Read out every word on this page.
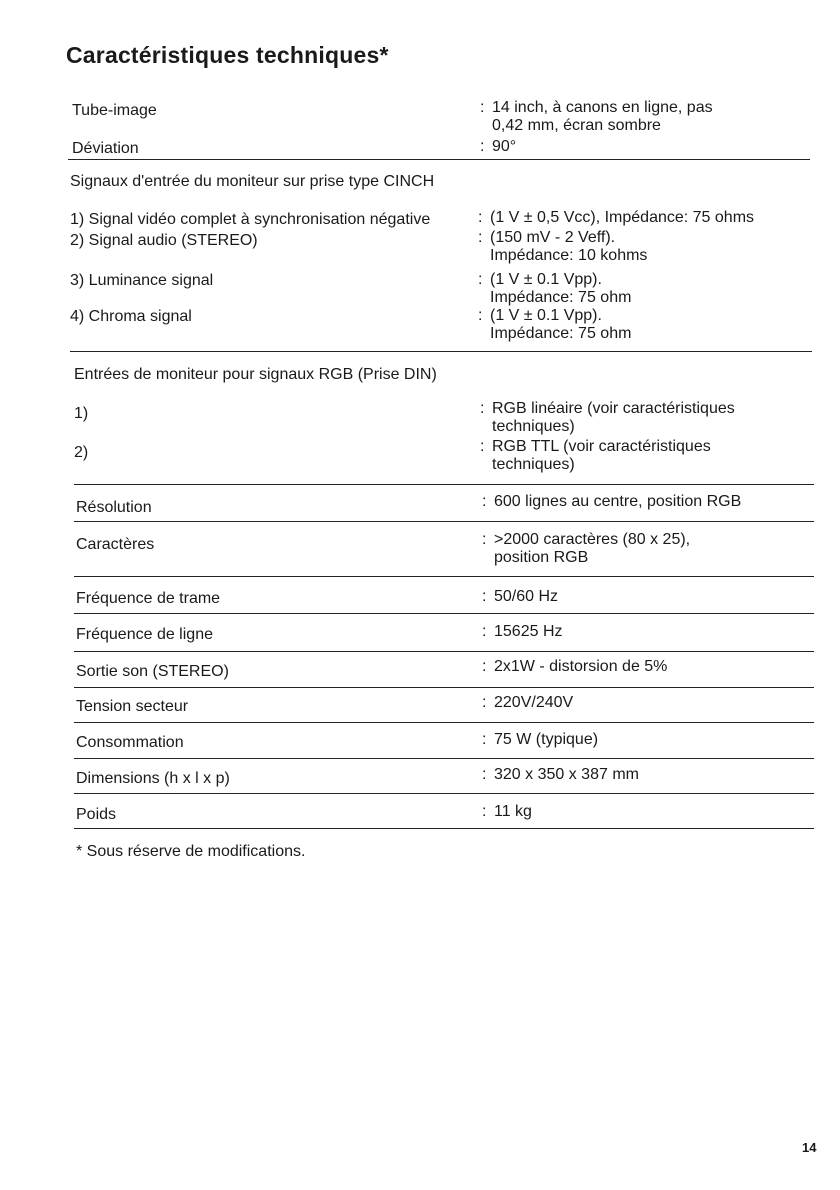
Caractéristiques techniques*
Tube-image	: 14 inch, à canons en ligne, pas
0,42 mm, écran sombre
Déviation	: 90°
Signaux d'entrée du moniteur sur prise type CINCH
1) Signal vidéo complet à synchronisation négative	: (1 V ± 0,5 Vcc), Impédance: 75 ohms
2) Signal audio (STEREO)	: (150 mV - 2 Veff).
Impédance: 10 kohms
3) Luminance signal	: (1 V ± 0.1 Vpp).
Impédance: 75 ohm
4) Chroma signal	: (1 V ± 0.1 Vpp).
Impédance: 75 ohm
Entrées de moniteur pour signaux RGB (Prise DIN)
1)	: RGB linéaire (voir caractéristiques
techniques)
2)	: RGB TTL (voir caractéristiques
techniques)
Résolution	: 600 lignes au centre, position RGB
Caractères	: >2000 caractères (80 x 25),
position RGB
Fréquence de trame	: 50/60 Hz
Fréquence de ligne	: 15625 Hz
Sortie son (STEREO)	: 2x1W - distorsion de 5%
Tension secteur	: 220V/240V
Consommation	: 75 W (typique)
Dimensions (h x l x p)	: 320 x 350 x 387 mm
Poids	: 11 kg
* Sous réserve de modifications.
14
